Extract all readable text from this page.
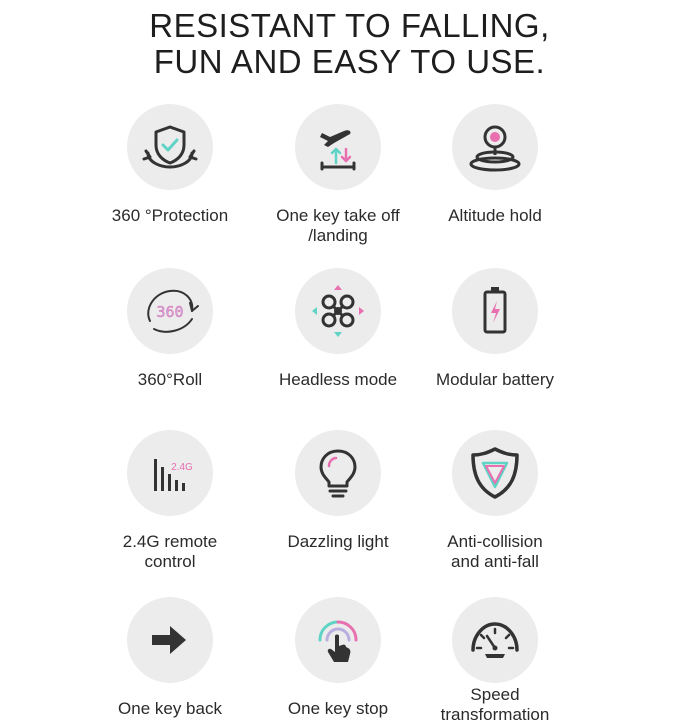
RESISTANT TO FALLING,
FUN AND EASY TO USE.
360 °Protection	One key take off
/landing
Altitude hold
360
360°Roll	Headless mode Modular battery
2.4G
2.4G remote
control
Dazzling light	Anti-collision
and anti-fall
One key back	One key stop
Speed
transformation
